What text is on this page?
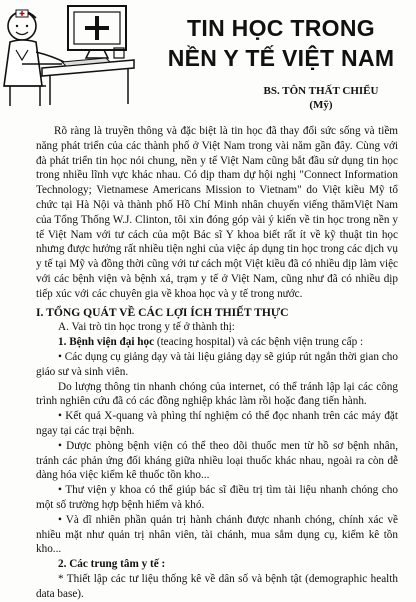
TIN HỌC TRONG
NỀN Y TẾ VIỆT NAM
BS. TÔN THẤT CHIỂU
(Mỹ)

Rõ ràng là truyền thông và đặc biệt là tin học đã thay đổi sức sống và tiềm năng phát triển của các thành phố ở Việt Nam trong vài năm gần đây. Cùng với đà phát triển tin học nói chung, nền y tế Việt Nam cũng bắt đầu sử dụng tin học trong nhiều lĩnh vực khác nhau. Có dịp tham dự hội nghị "Connect Information Technology; Vietnamese Americans Mission to Vietnam" do Việt kiều Mỹ tổ chức tại Hà Nội và thành phố Hồ Chí Minh nhân chuyến viếng thămViệt Nam của Tổng Thống W.J. Clinton, tôi xin đóng góp vài ý kiến về tin học trong nền y tế Việt Nam với tư cách của một Bác sĩ Y khoa biết rất ít về kỹ thuật tin học nhưng được hưởng rất nhiều tiện nghi của việc áp dụng tin học trong các dịch vụ y tế tại Mỹ và đồng thời cũng với tư cách một Việt kiều đã có nhiều dịp làm việc với các bệnh viện và bệnh xá, trạm y tế ở Việt Nam, cũng như đã có nhiều dịp tiếp xúc với các chuyên gia về khoa học và y tế trong nước.

I. TỔNG QUÁT VỀ CÁC LỢI ÍCH THIẾT THỰC

A. Vai trò tin học trong y tế ở thành thị:

1. Bệnh viện đại học (teacing hospital) và các bệnh viện trung cấp :

• Các dụng cụ giảng dạy và tài liệu giảng dạy sẽ giúp rút ngắn thời gian cho giáo sư và sinh viên.

Do lượng thông tin nhanh chóng của internet, có thể tránh lập lại các công trình nghiên cứu đã có các đồng nghiệp khác làm rồi hoặc đang tiến hành.

• Kết quả X-quang và phìng thí nghiệm có thể đọc nhanh trên các máy đặt ngay tại các trại bệnh.

• Dược phòng bệnh viện có thể theo dõi thuốc men từ hồ sơ bệnh nhân, tránh các phản ứng đối kháng giữa nhiều loại thuốc khác nhau, ngoài ra còn dễ dàng hóa việc kiểm kê thuốc tồn kho...

• Thư viện y khoa có thể giúp bác sĩ điều trị tìm tài liệu nhanh chóng cho một số trường hợp bệnh hiếm và khó.

• Và dĩ nhiên phần quản trị hành chánh được nhanh chóng, chính xác về nhiều mặt như quản trị nhân viên, tài chánh, mua sắm dụng cụ, kiểm kê tồn kho...

2. Các trung tâm y tế :

* Thiết lập các tư liệu thống kê về dân số và bệnh tật (demographic health data base).
